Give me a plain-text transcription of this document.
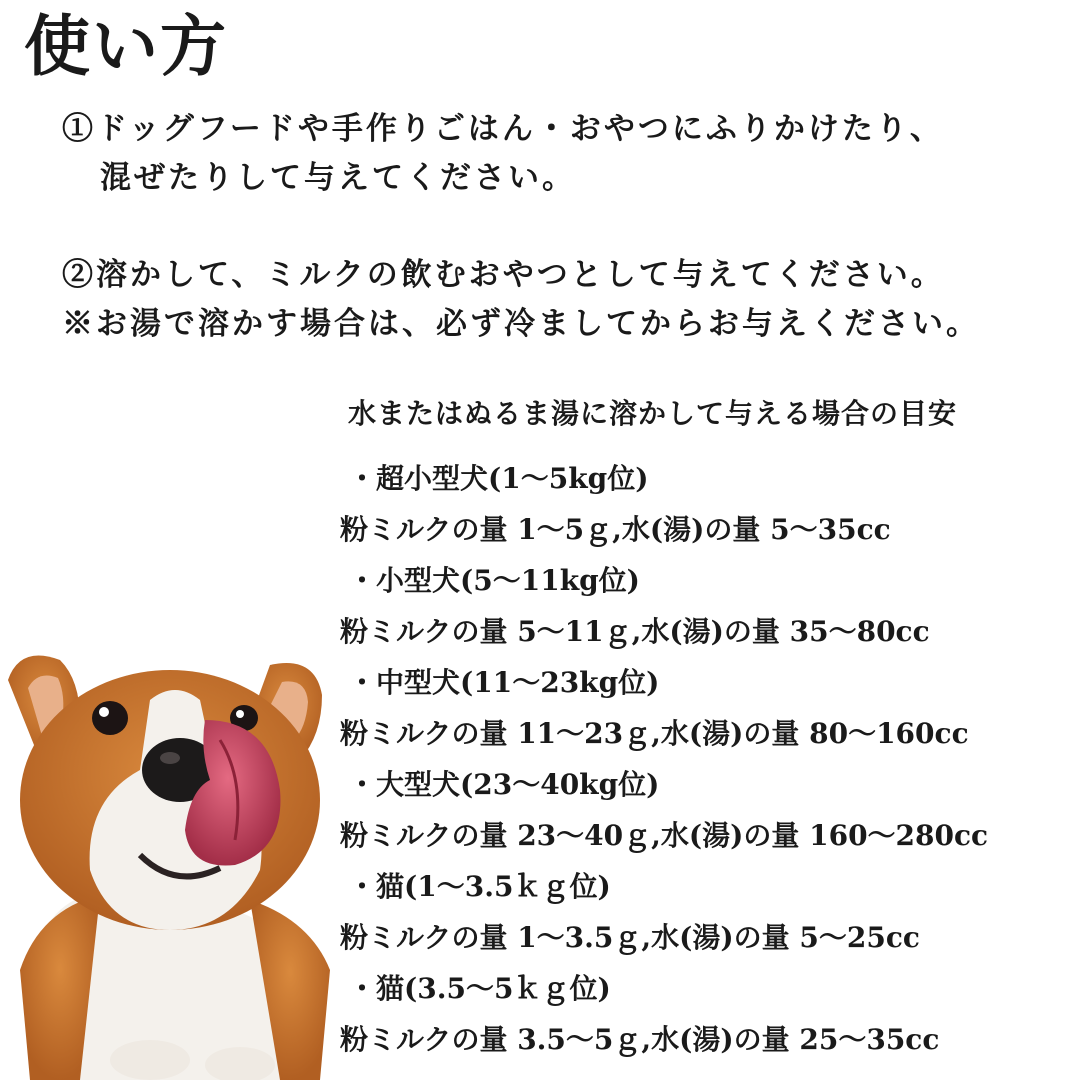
使い方
①ドッグフードや手作りごはん・おやつにふりかけたり、
混ぜたりして与えてください。
②溶かして、ミルクの飲むおやつとして与えてください。
※お湯で溶かす場合は、必ず冷ましてからお与えください。
水またはぬるま湯に溶かして与える場合の目安
・超小型犬(1〜5kg位)
粉ミルクの量 1〜5ｇ,水(湯)の量 5〜35cc
・小型犬(5〜11kg位)
粉ミルクの量 5〜11ｇ,水(湯)の量 35〜80cc
・中型犬(11〜23kg位)
粉ミルクの量 11〜23ｇ,水(湯)の量 80〜160cc
・大型犬(23〜40kg位)
粉ミルクの量 23〜40ｇ,水(湯)の量 160〜280cc
・猫(1〜3.5ｋｇ位)
粉ミルクの量 1〜3.5ｇ,水(湯)の量 5〜25cc
・猫(3.5〜5ｋｇ位)
粉ミルクの量 3.5〜5ｇ,水(湯)の量 25〜35cc
